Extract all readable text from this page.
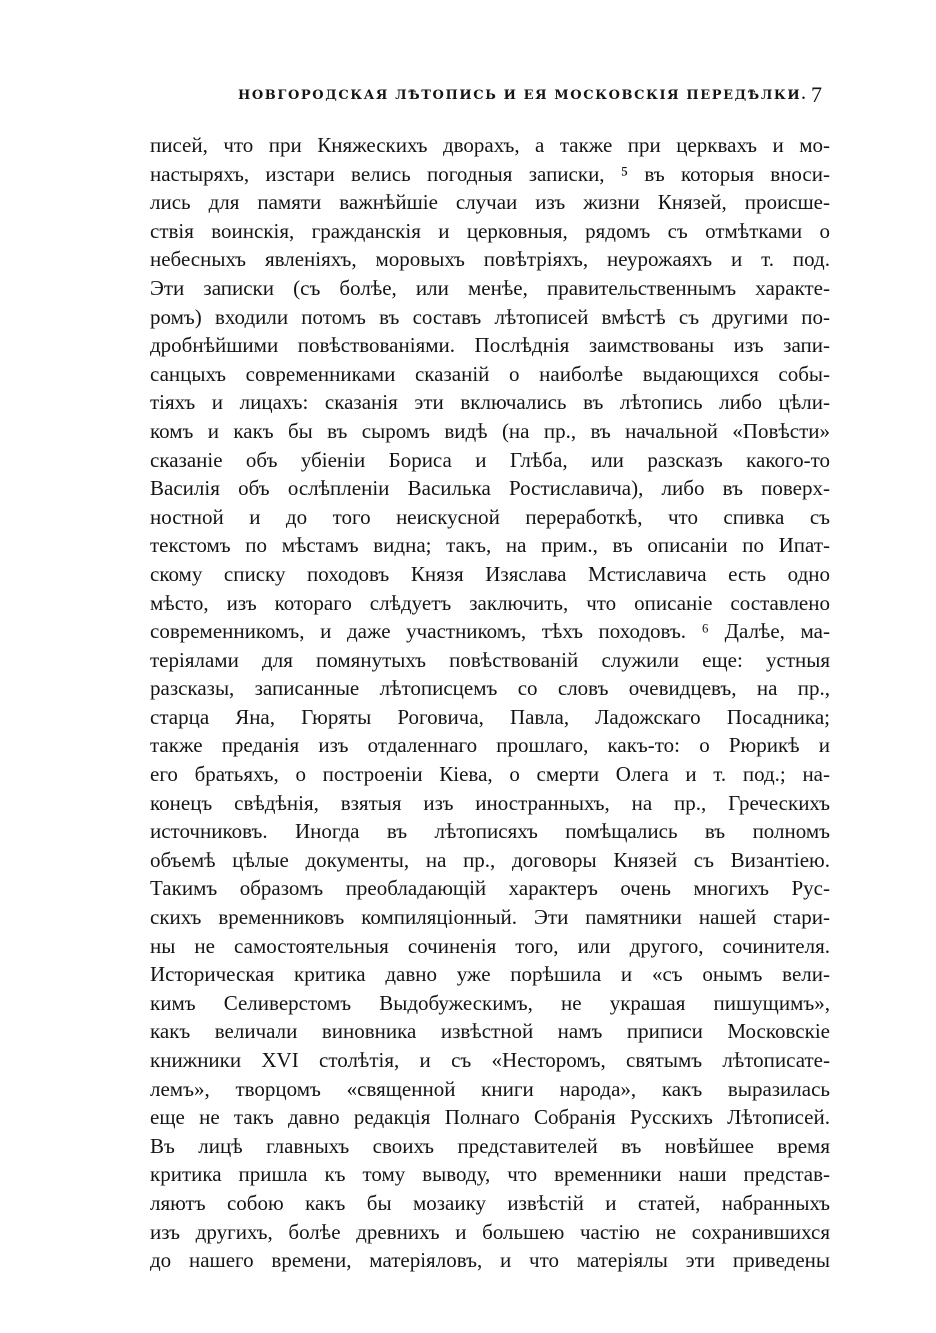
НОВГОРОДСКАЯ ЛѢТОПИСЬ И ЕЯ МОСКОВСКІЯ ПЕРЕДѢЛКИ. 7
писей, что при Княжескихъ дворахъ, а также при церквахъ и мо-
настыряхъ, изстари велись погодныя записки, ⁵ въ которыя вноси-
лись для памяти важнѣйшіе случаи изъ жизни Князей, происше-
ствія воинскія, гражданскія и церковныя, рядомъ съ отмѣтками о
небесныхъ явленіяхъ, моровыхъ повѣтріяхъ, неурожаяхъ и т. под.
Эти записки (съ болѣе, или менѣе, правительственнымъ характе-
ромъ) входили потомъ въ составъ лѣтописей вмѣстѣ съ другими по-
дробнѣйшими повѣствованіями. Послѣднія заимствованы изъ запи-
санцыхъ современниками сказаній о наиболѣе выдающихся собы-
тіяхъ и лицахъ: сказанія эти включались въ лѣтопись либо цѣли-
комъ и какъ бы въ сыромъ видѣ (на пр., въ начальной «Повѣсти»
сказаніе объ убіеніи Бориса и Глѣба, или разсказъ какого-то
Василія объ ослѣпленіи Василька Ростиславича), либо въ поверх-
ностной и до того неискусной переработкѣ, что спивка съ
текстомъ по мѣстамъ видна; такъ, на прим., въ описаніи по Ипат-
скому списку походовъ Князя Изяслава Мстиславича есть одно
мѣсто, изъ котораго слѣдуетъ заключить, что описаніе составлено
современникомъ, и даже участникомъ, тѣхъ походовъ. ⁶ Далѣе, ма-
теріялами для помянутыхъ повѣствованій служили еще: устныя
разсказы, записанные лѣтописцемъ со словъ очевидцевъ, на пр.,
старца Яна, Гюряты Роговича, Павла, Ладожскаго Посадника;
также преданія изъ отдаленнаго прошлаго, какъ-то: о Рюрикѣ и
его братьяхъ, о построеніи Кіева, о смерти Олега и т. под.; на-
конецъ свѣдѣнія, взятыя изъ иностранныхъ, на пр., Греческихъ
источниковъ. Иногда въ лѣтописяхъ помѣщались въ полномъ
объемѣ цѣлые документы, на пр., договоры Князей съ Византіею.
Такимъ образомъ преобладающій характеръ очень многихъ Рус-
скихъ временниковъ компиляціонный. Эти памятники нашей стари-
ны не самостоятельныя сочиненія того, или другого, сочинителя.
Историческая критика давно уже порѣшила и «съ онымъ вели-
кимъ Селиверстомъ Выдобужескимъ, не украшая пишущимъ»,
какъ величали виновника извѣстной намъ приписи Московскіе
книжники XVI столѣтія, и съ «Несторомъ, святымъ лѣтописате-
лемъ», творцомъ «священной книги народа», какъ выразилась
еще не такъ давно редакція Полнаго Собранія Русскихъ Лѣтописей.
Въ лицѣ главныхъ своихъ представителей въ новѣйшее время
критика пришла къ тому выводу, что временники наши представ-
ляютъ собою какъ бы мозаику извѣстій и статей, набранныхъ
изъ другихъ, болѣе древнихъ и большею частію не сохранившихся
до нашего времени, матеріяловъ, и что матеріялы эти приведены
